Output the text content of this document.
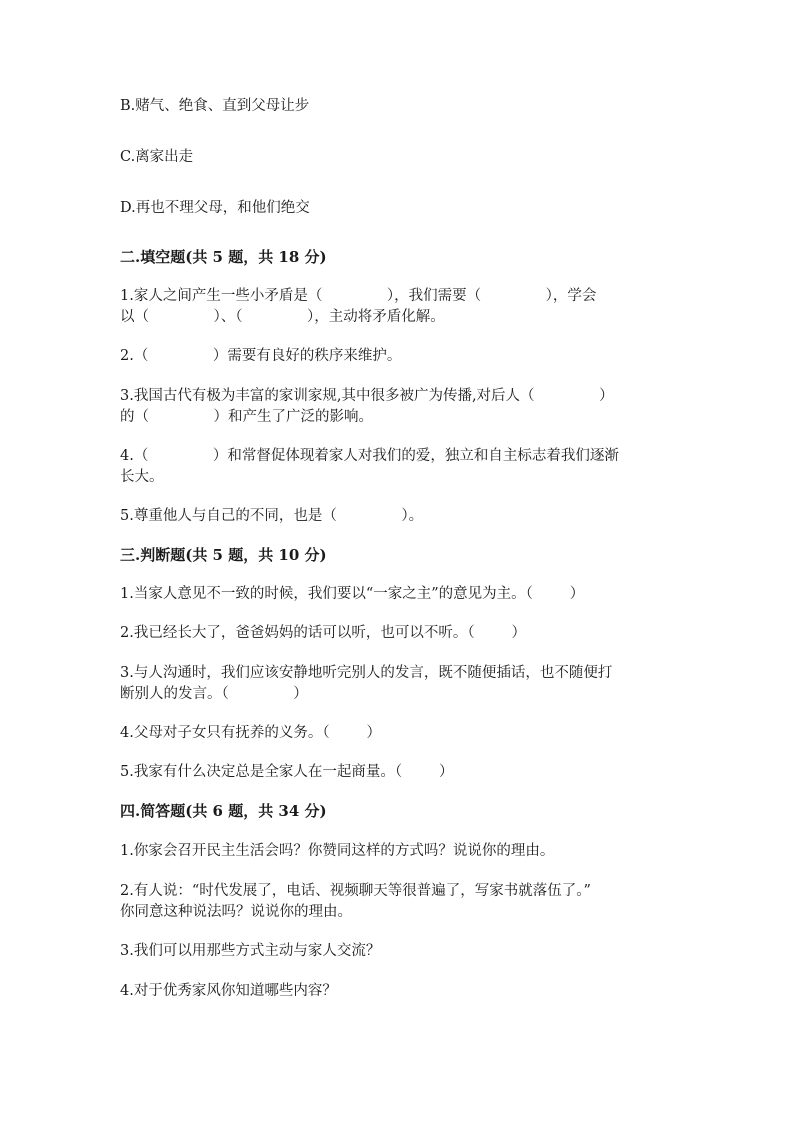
B.赌气、绝食、直到父母让步
C.离家出走
D.再也不理父母，和他们绝交
二.填空题(共 5 题，共 18 分)
1.家人之间产生一些小矛盾是（              ），我们需要（              ），学会
以（              ）、（              ），主动将矛盾化解。
2.（              ）需要有良好的秩序来维护。
3.我国古代有极为丰富的家训家规,其中很多被广为传播,对后人（              ）
的（              ）和产生了广泛的影响。
4.（              ）和常督促体现着家人对我们的爱，独立和自主标志着我们逐渐
长大。
5.尊重他人与自己的不同，也是（              ）。
三.判断题(共 5 题，共 10 分)
1.当家人意见不一致的时候，我们要以“一家之主”的意见为主。（        ）
2.我已经长大了，爸爸妈妈的话可以听，也可以不听。（        ）
3.与人沟通时，我们应该安静地听完别人的发言，既不随便插话，也不随便打
断别人的发言。（              ）
4.父母对子女只有抚养的义务。（        ）
5.我家有什么决定总是全家人在一起商量。（        ）
四.简答题(共 6 题，共 34 分)
1.你家会召开民主生活会吗？你赞同这样的方式吗？说说你的理由。
2.有人说：“时代发展了，电话、视频聊天等很普遍了，写家书就落伍了。”
你同意这种说法吗？说说你的理由。
3.我们可以用那些方式主动与家人交流？
4.对于优秀家风你知道哪些内容？
